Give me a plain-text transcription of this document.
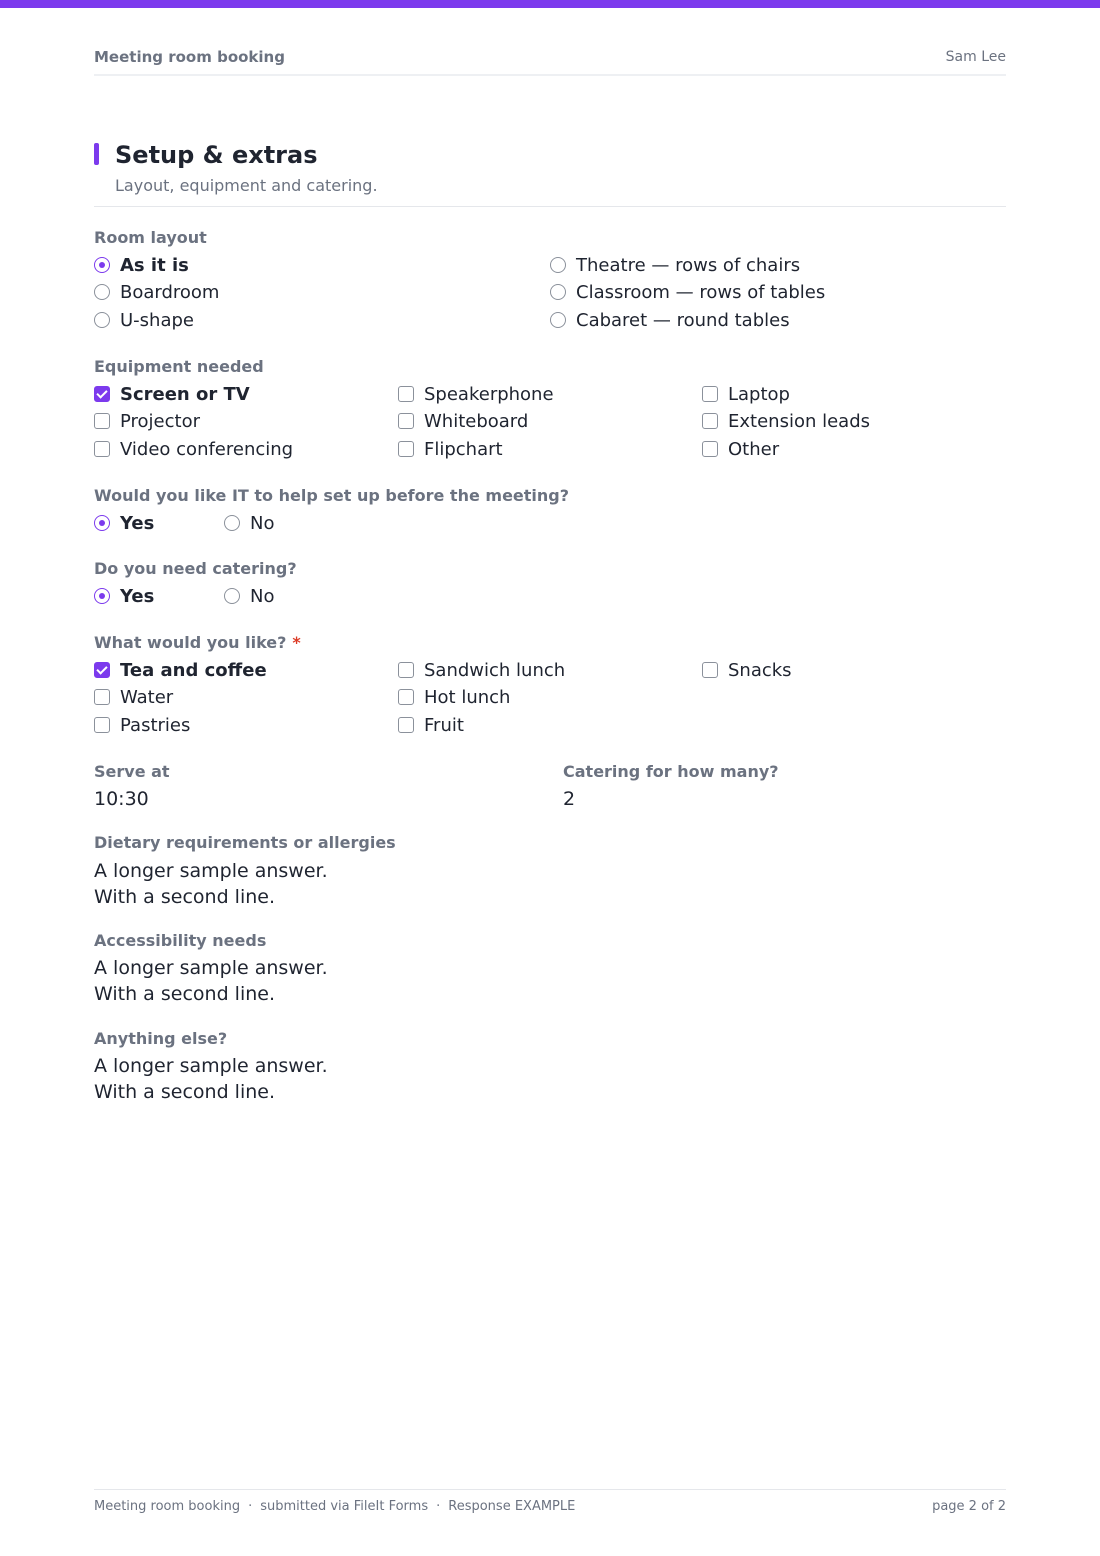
Meeting room booking	Sam Lee
Setup & extras
Layout, equipment and catering.
Room layout
As it is
Boardroom
U-shape
Theatre — rows of chairs
Classroom — rows of tables
Cabaret — round tables
Equipment needed
Screen or TV
Projector
Video conferencing
Speakerphone
Whiteboard
Flipchart
Laptop
Extension leads
Other
Would you like IT to help set up before the meeting?
Yes	No
Do you need catering?
Yes	No
What would you like? *
Tea and coffee
Water
Pastries
Sandwich lunch
Hot lunch
Fruit
Snacks
Serve at
10:30
Catering for how many?
2
Dietary requirements or allergies
A longer sample answer.
With a second line.
Accessibility needs
A longer sample answer.
With a second line.
Anything else?
A longer sample answer.
With a second line.
Meeting room booking · submitted via FileIt Forms · Response EXAMPLE	page 2 of 2
